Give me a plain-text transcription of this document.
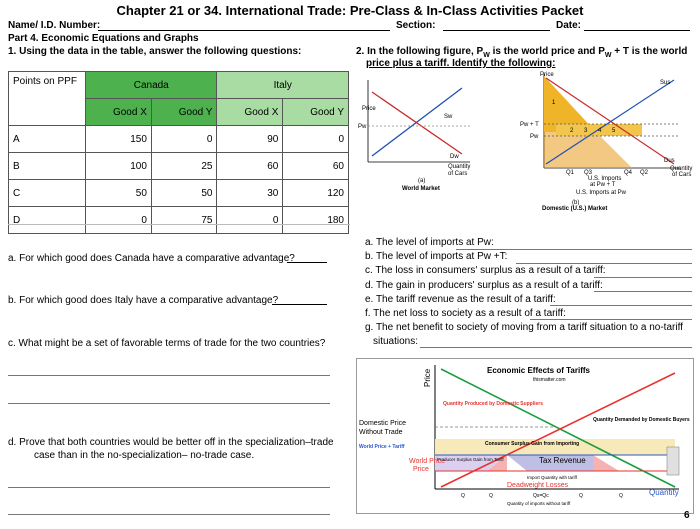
Chapter 21 or 34. International Trade: Pre-Class & In-Class Activities Packet
Name/ I.D. Number:	Section:	Date:
Part 4. Economic Equations and Graphs
1. Using the data in the table, answer the following questions:	2. In the following figure, $P_W$ is the world price and $P_W + T$ is the world
price plus a tariff. Identify the following:
Points on PPF	Canada		Italy	
	Good X	Good Y	Good X	Good Y
A	150	0	90	0
B	100	25	60	60
C	50	50	30	120
D	0	75	0	180
Price
Pw
Sw
Dw
Quantity
of Cars
(a)
World Market
Price
Sus
Dus
Pw + T
Pw
1
2 3 4 5
Q1 Q3	Q4 Q2
Quantity
of Cars
U.S. Imports
at Pw + T
U.S. Imports at Pw
(b)
Domestic (U.S.) Market
a. For which good does Canada have a comparative advantage?
b. For which good does Italy have a comparative advantage?
c. What might be a set of favorable terms of trade for the two countries?
d. Prove that both countries would be better off in the specialization–trade
case than in the no-specialization– no-trade case.
a. The level of imports at Pw:
b. The level of imports at Pw +T:
c. The loss in consumers' surplus as a result of a tariff:
d. The gain in producers' surplus as a result of a tariff:
e. The tariff revenue as the result of a tariff:
f. The net loss to society as a result of a tariff:
g. The net benefit to society of moving from a tariff situation to a no-tariff
situations:
Price	Economic Effects of Tariffs
thismatter.com
Domestic Price
Without Trade
World Price + Tariff
World Price
Price
Quantity Produced by Domestic Suppliers
Quantity Demanded by Domestic Buyers
Consumer Surplus Gain from Importing
Producer Surplus Gain from Tariff	Tax Revenue
Import Quantity with tariff
Deadweight Losses
Q	Q	Qs=Qc	Q	Q	Quantity
Quantity of imports without tariff
6
